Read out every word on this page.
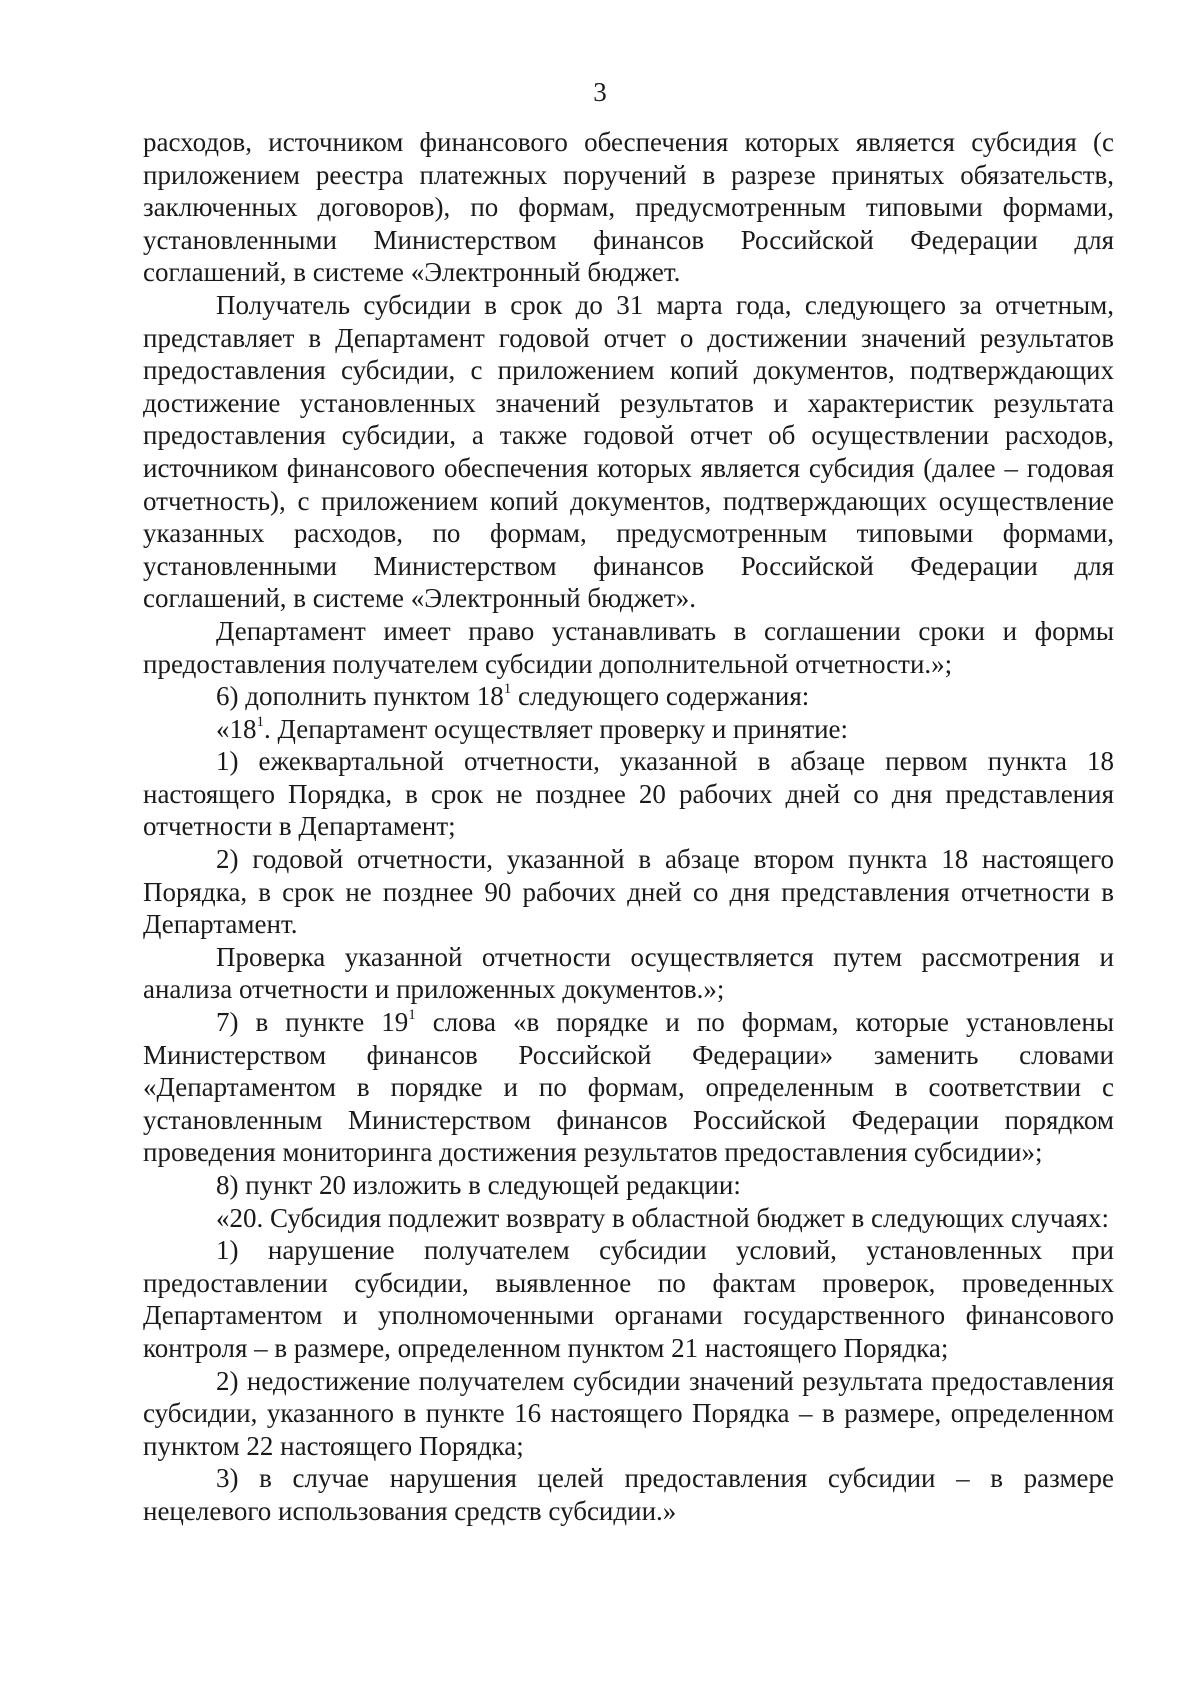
3

расходов, источником финансового обеспечения которых является субсидия (с приложением реестра платежных поручений в разрезе принятых обязательств, заключенных договоров), по формам, предусмотренным типовыми формами, установленными Министерством финансов Российской Федерации для соглашений, в системе «Электронный бюджет.

Получатель субсидии в срок до 31 марта года, следующего за отчетным, представляет в Департамент годовой отчет о достижении значений результатов предоставления субсидии, с приложением копий документов, подтверждающих достижение установленных значений результатов и характеристик результата предоставления субсидии, а также годовой отчет об осуществлении расходов, источником финансового обеспечения которых является субсидия (далее – годовая отчетность), с приложением копий документов, подтверждающих осуществление указанных расходов, по формам, предусмотренным типовыми формами, установленными Министерством финансов Российской Федерации для соглашений, в системе «Электронный бюджет».

Департамент имеет право устанавливать в соглашении сроки и формы предоставления получателем субсидии дополнительной отчетности.»;

6) дополнить пунктом $18^1$ следующего содержания:

«$18^1$. Департамент осуществляет проверку и принятие:

1) ежеквартальной отчетности, указанной в абзаце первом пункта 18 настоящего Порядка, в срок не позднее 20 рабочих дней со дня представления отчетности в Департамент;

2) годовой отчетности, указанной в абзаце втором пункта 18 настоящего Порядка, в срок не позднее 90 рабочих дней со дня представления отчетности в Департамент.

Проверка указанной отчетности осуществляется путем рассмотрения и анализа отчетности и приложенных документов.»;

7) в пункте $19^1$ слова «в порядке и по формам, которые установлены Министерством финансов Российской Федерации» заменить словами «Департаментом в порядке и по формам, определенным в соответствии с установленным Министерством финансов Российской Федерации порядком проведения мониторинга достижения результатов предоставления субсидии»;

8) пункт 20 изложить в следующей редакции:

«20. Субсидия подлежит возврату в областной бюджет в следующих случаях:

1) нарушение получателем субсидии условий, установленных при предоставлении субсидии, выявленное по фактам проверок, проведенных Департаментом и уполномоченными органами государственного финансового контроля – в размере, определенном пунктом 21 настоящего Порядка;

2) недостижение получателем субсидии значений результата предоставления субсидии, указанного в пункте 16 настоящего Порядка – в размере, определенном пунктом 22 настоящего Порядка;

3) в случае нарушения целей предоставления субсидии – в размере нецелевого использования средств субсидии.»
